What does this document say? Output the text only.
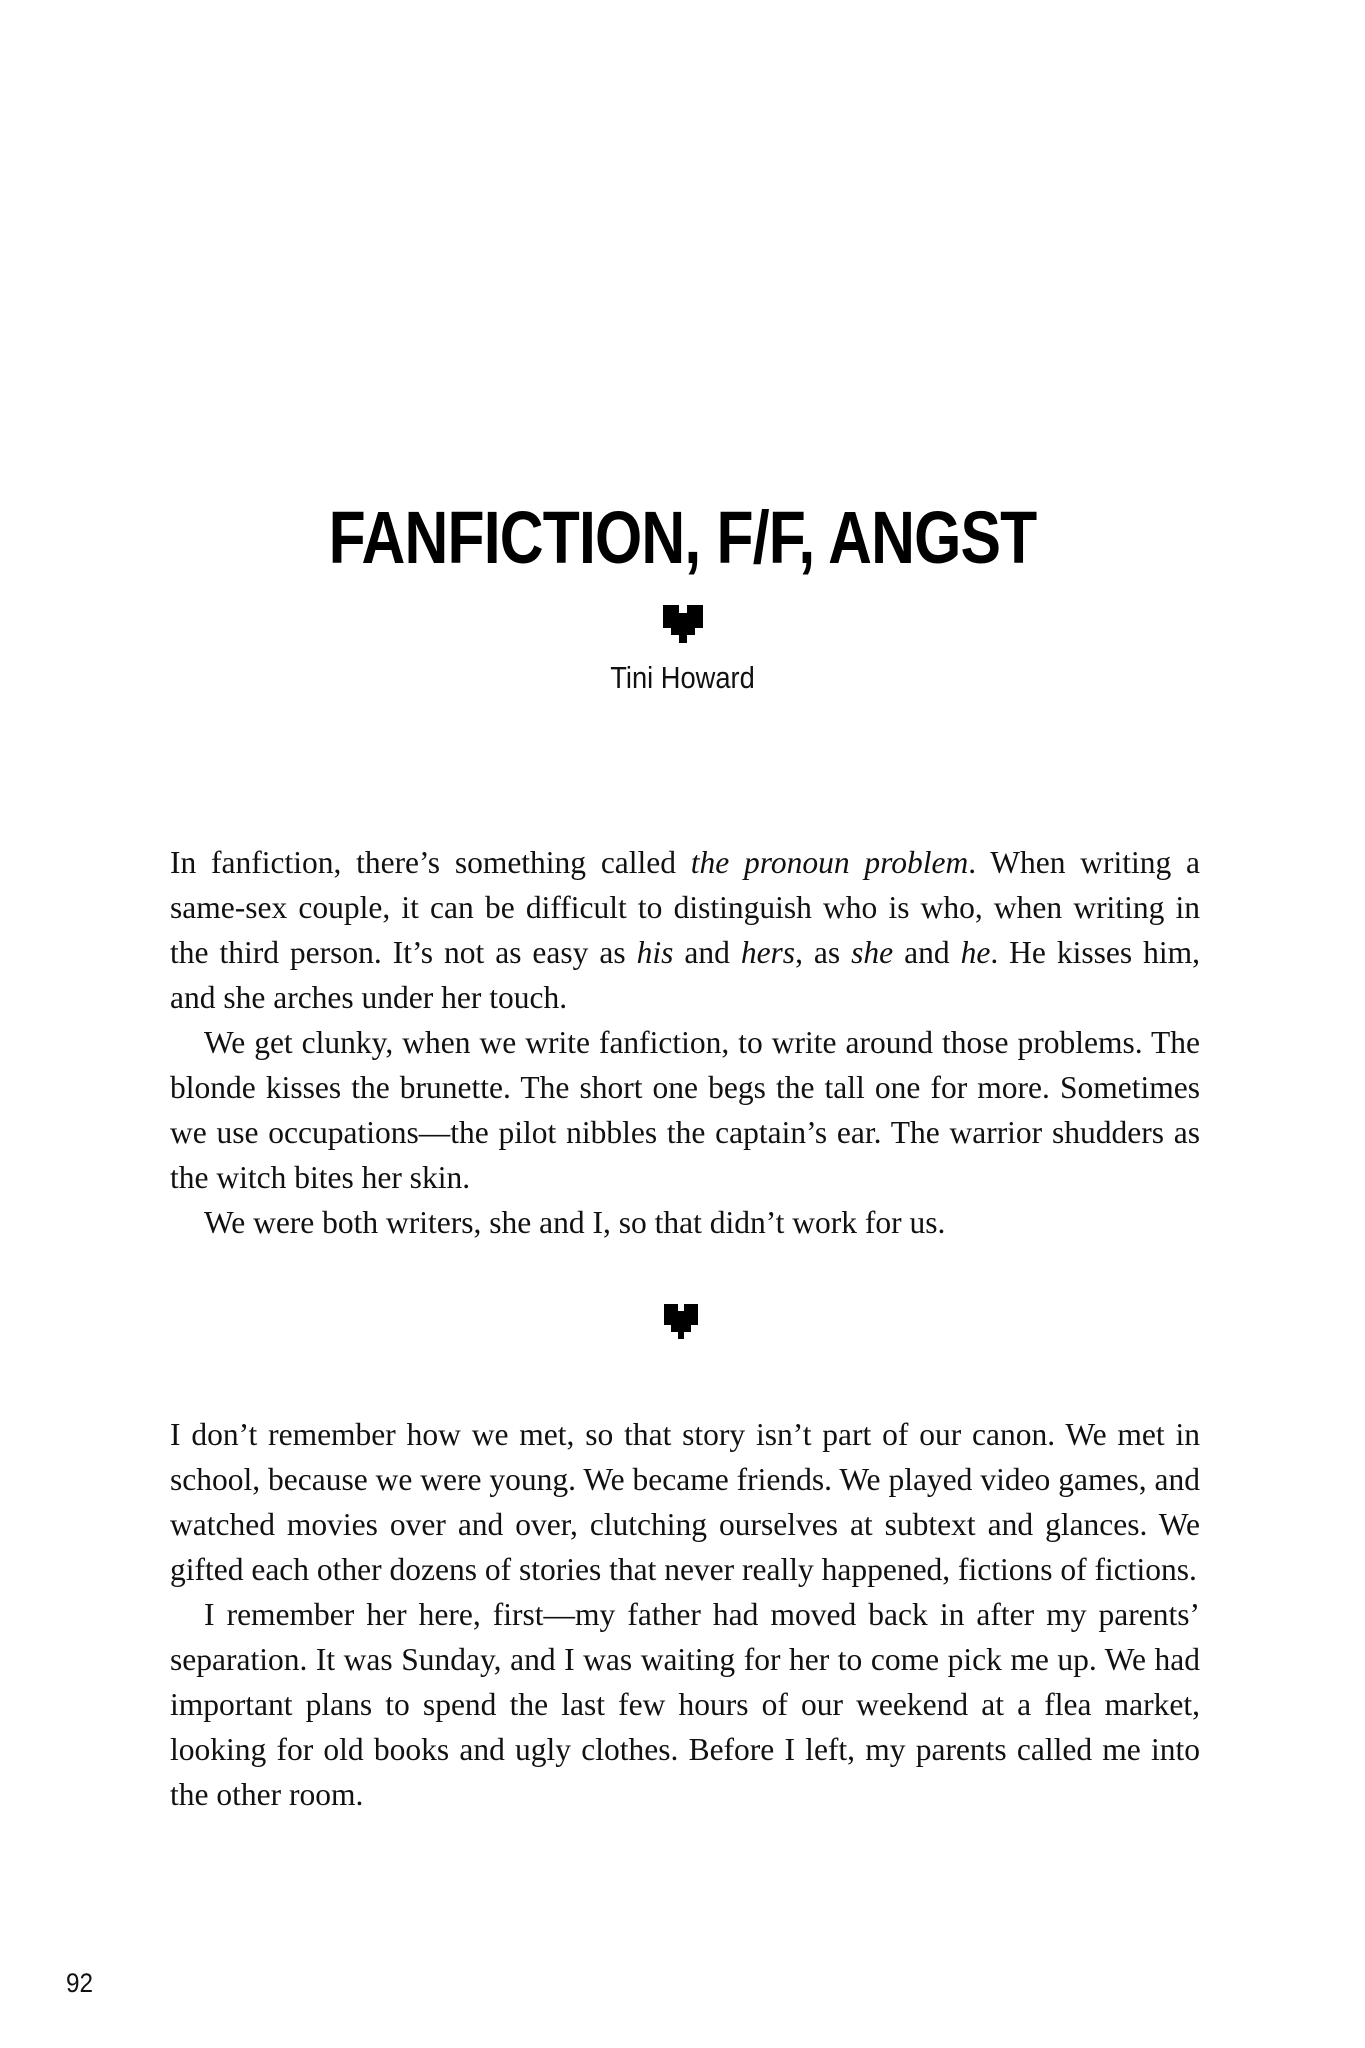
FANFICTION, F/F, ANGST
Tini Howard

In fanfiction, there’s something called the pronoun problem. When writing a same-sex couple, it can be difficult to distinguish who is who, when writing in the third person. It’s not as easy as his and hers, as she and he. He kisses him, and she arches under her touch.

We get clunky, when we write fanfiction, to write around those problems. The blonde kisses the brunette. The short one begs the tall one for more. Sometimes we use occupations—the pilot nibbles the captain’s ear. The warrior shudders as the witch bites her skin.

We were both writers, she and I, so that didn’t work for us.

I don’t remember how we met, so that story isn’t part of our canon. We met in school, because we were young. We became friends. We played video games, and watched movies over and over, clutching ourselves at subtext and glances. We gifted each other dozens of stories that never really happened, fictions of fictions.

I remember her here, first—my father had moved back in after my parents’ separation. It was Sunday, and I was waiting for her to come pick me up. We had important plans to spend the last few hours of our weekend at a flea market, looking for old books and ugly clothes. Before I left, my parents called me into the other room.

92
